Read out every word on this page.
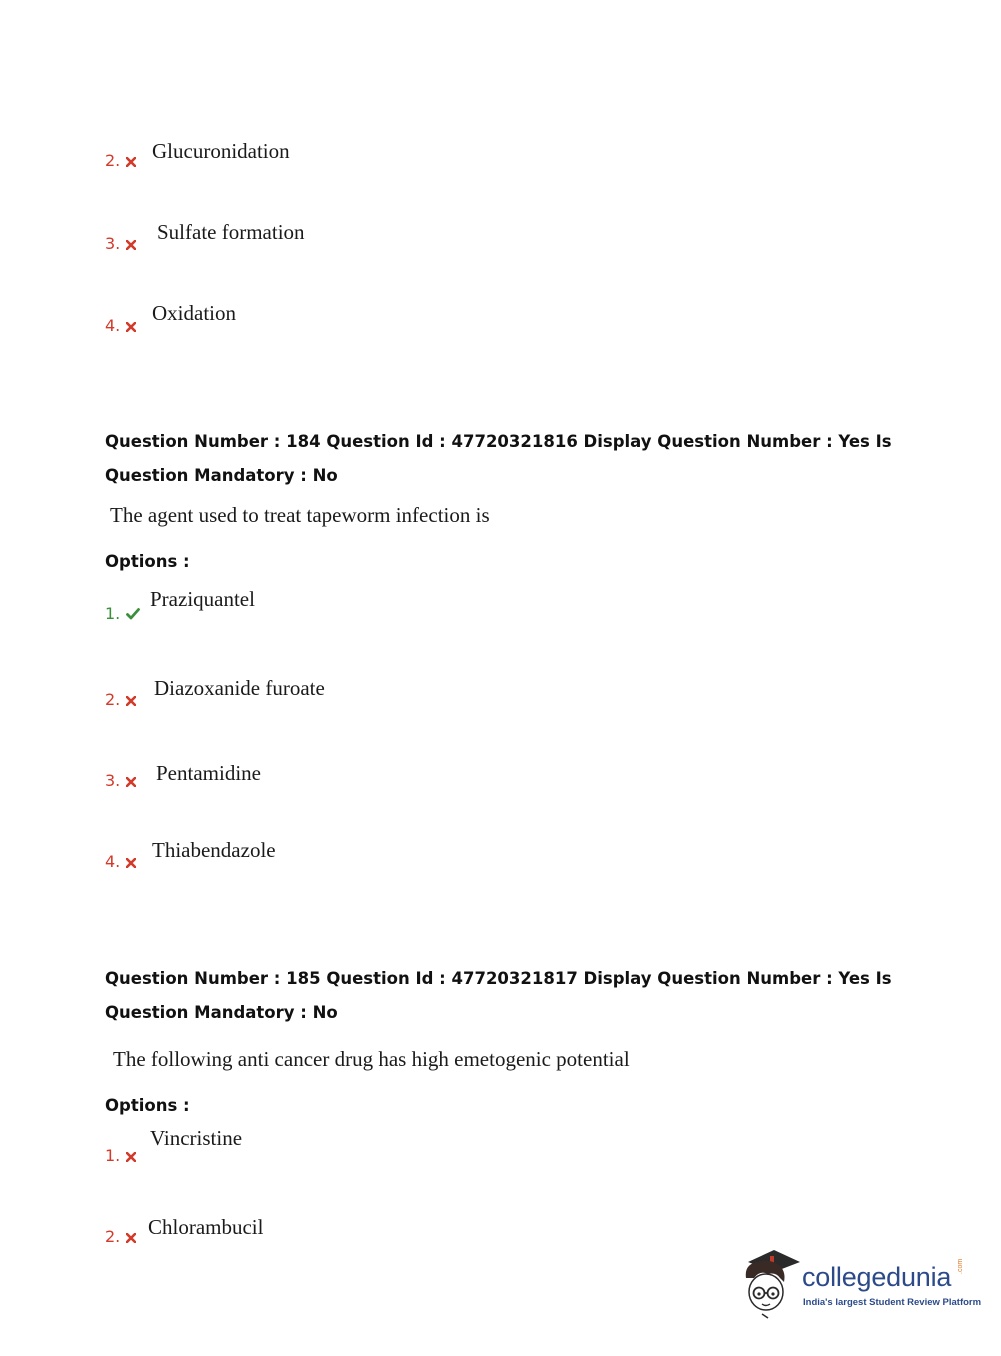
2.	Glucuronidation
3.	Sulfate formation
4.
Oxidation
Question Number : 184 Question Id : 47720321816 Display Question Number : Yes Is Question Mandatory : No
The agent used to treat tapeworm infection is
Options :
1.
Praziquantel
2.	Diazoxanide furoate
3.	Pentamidine
4.	Thiabendazole
Question Number : 185 Question Id : 47720321817 Display Question Number : Yes Is Question Mandatory : No
The following anti cancer drug has high emetogenic potential
Options :
1.
Vincristine
2.	Chlorambucil
collegedunia .com
India's largest Student Review Platform
